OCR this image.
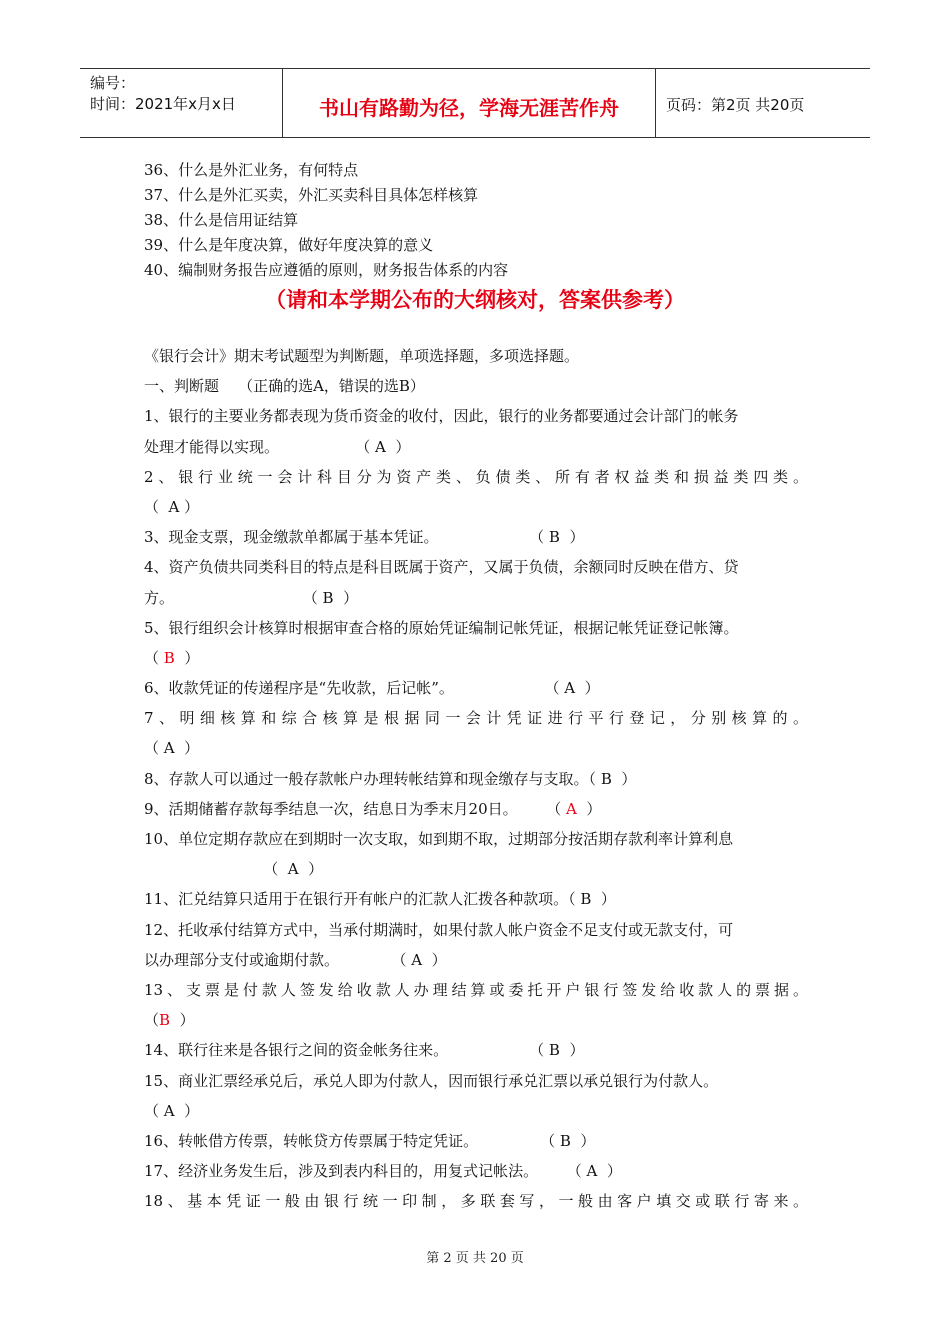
编号：
时间：2021年x月x日	书山有路勤为径，学海无涯苦作舟	页码：第2页 共20页
36、什么是外汇业务，有何特点
37、什么是外汇买卖，外汇买卖科目具体怎样核算
38、什么是信用证结算
39、什么是年度决算，做好年度决算的意义
40、编制财务报告应遵循的原则，财务报告体系的内容
（请和本学期公布的大纲核对，答案供参考）
《银行会计》期末考试题型为判断题，单项选择题，多项选择题。
一、判断题    （正确的选A，错误的选B）
1、银行的主要业务都表现为货币资金的收付，因此，银行的业务都要通过会计部门的帐务
处理才能得以实现。                （ A  ）
2、银行业统一会计科目分为资产类、负债类、所有者权益类和损益类四类。
（  A ）
3、现金支票，现金缴款单都属于基本凭证。                   （ B  ）
4、资产负债共同类科目的特点是科目既属于资产，又属于负债，余额同时反映在借方、贷
方。                           （ B  ）
5、银行组织会计核算时根据审查合格的原始凭证编制记帐凭证，根据记帐凭证登记帐簿。
（ B  ）
6、收款凭证的传递程序是“先收款，后记帐”。                   （ A  ）
7、明细核算和综合核算是根据同一会计凭证进行平行登记，分别核算的。
（ A  ）
8、存款人可以通过一般存款帐户办理转帐结算和现金缴存与支取。（ B  ）
9、活期储蓄存款每季结息一次，结息日为季末月20日。      （ A  ）
10、单位定期存款应在到期时一次支取，如到期不取，过期部分按活期存款利率计算利息
（  A  ）
11、汇兑结算只适用于在银行开有帐户的汇款人汇拨各种款项。（ B  ）
12、托收承付结算方式中，当承付期满时，如果付款人帐户资金不足支付或无款支付，可
以办理部分支付或逾期付款。           （ A  ）
13、支票是付款人签发给收款人办理结算或委托开户银行签发给收款人的票据。
（B  ）
14、联行往来是各银行之间的资金帐务往来。                 （ B  ）
15、商业汇票经承兑后，承兑人即为付款人，因而银行承兑汇票以承兑银行为付款人。
（ A  ）
16、转帐借方传票，转帐贷方传票属于特定凭证。             （ B  ）
17、经济业务发生后，涉及到表内科目的，用复式记帐法。      （ A  ）
18、基本凭证一般由银行统一印制，多联套写，一般由客户填交或联行寄来。
第 2 页 共 20 页
